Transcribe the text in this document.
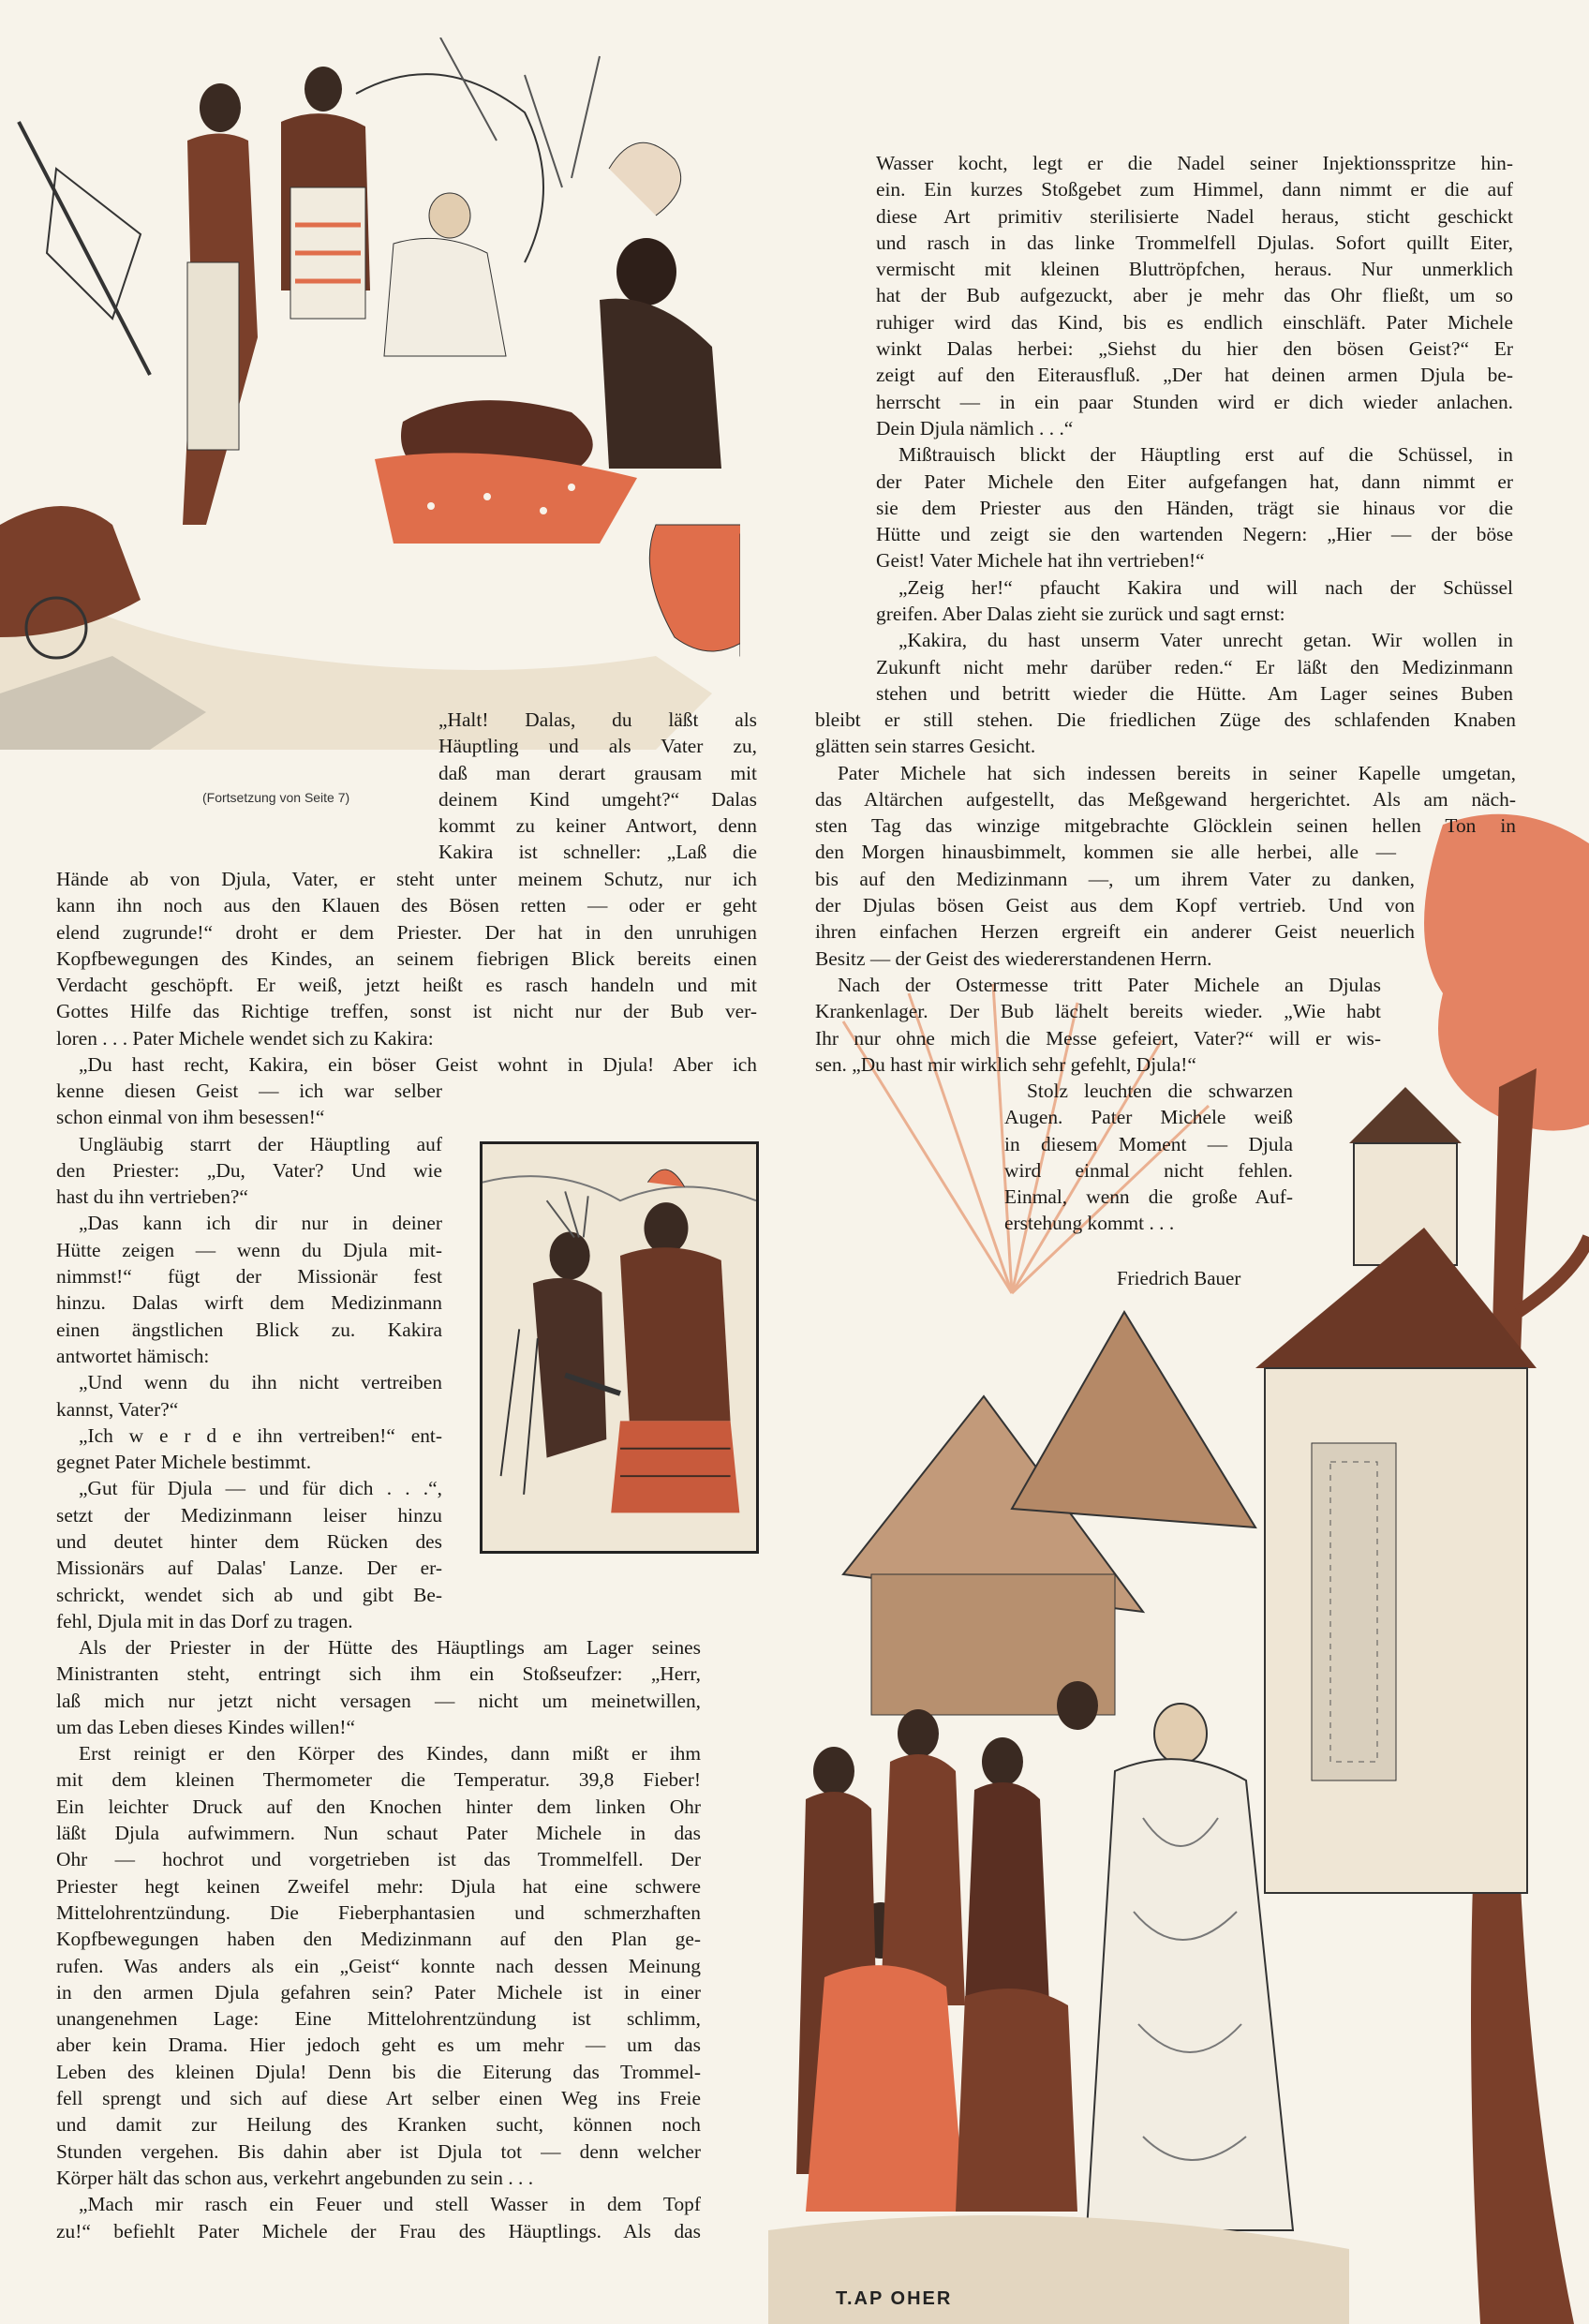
(Fortsetzung von Seite 7)

„Halt! Dalas, du läßt als

Häuptling und als Vater zu,

daß man derart grausam mit

deinem Kind umgeht?“ Dalas

kommt zu keiner Antwort, denn

Kakira ist schneller: „Laß die

Hände ab von Djula, Vater, er steht unter meinem Schutz, nur ich

kann ihn noch aus den Klauen des Bösen retten — oder er geht

elend zugrunde!“ droht er dem Priester. Der hat in den unruhigen

Kopfbewegungen des Kindes, an seinem fiebrigen Blick bereits einen

Verdacht geschöpft. Er weiß, jetzt heißt es rasch handeln und mit

Gottes Hilfe das Richtige treffen, sonst ist nicht nur der Bub ver-

loren . . . Pater Michele wendet sich zu Kakira:

„Du hast recht, Kakira, ein böser Geist wohnt in Djula! Aber ich

kenne diesen Geist — ich war selber

schon einmal von ihm besessen!“

Ungläubig starrt der Häuptling auf

den Priester: „Du, Vater? Und wie

hast du ihn vertrieben?“

„Das kann ich dir nur in deiner

Hütte zeigen — wenn du Djula mit-

nimmst!“ fügt der Missionär fest

hinzu. Dalas wirft dem Medizinmann

einen ängstlichen Blick zu. Kakira

antwortet hämisch:

„Und wenn du ihn nicht vertreiben

kannst, Vater?“

„Ich w e r d e ihn vertreiben!“ ent-

gegnet Pater Michele bestimmt.

„Gut für Djula — und für dich . . .“,

setzt der Medizinmann leiser hinzu

und deutet hinter dem Rücken des

Missionärs auf Dalas' Lanze. Der er-

schrickt, wendet sich ab und gibt Be-

fehl, Djula mit in das Dorf zu tragen.

Als der Priester in der Hütte des Häuptlings am Lager seines

Ministranten steht, entringt sich ihm ein Stoßseufzer: „Herr,

laß mich nur jetzt nicht versagen — nicht um meinetwillen,

um das Leben dieses Kindes willen!“

Erst reinigt er den Körper des Kindes, dann mißt er ihm

mit dem kleinen Thermometer die Temperatur. 39,8 Fieber!

Ein leichter Druck auf den Knochen hinter dem linken Ohr

läßt Djula aufwimmern. Nun schaut Pater Michele in das

Ohr — hochrot und vorgetrieben ist das Trommelfell. Der

Priester hegt keinen Zweifel mehr: Djula hat eine schwere

Mittelohrentzündung. Die Fieberphantasien und schmerzhaften

Kopfbewegungen haben den Medizinmann auf den Plan ge-

rufen. Was anders als ein „Geist“ konnte nach dessen Meinung

in den armen Djula gefahren sein? Pater Michele ist in einer

unangenehmen Lage: Eine Mittelohrentzündung ist schlimm,

aber kein Drama. Hier jedoch geht es um mehr — um das

Leben des kleinen Djula! Denn bis die Eiterung das Trommel-

fell sprengt und sich auf diese Art selber einen Weg ins Freie

und damit zur Heilung des Kranken sucht, können noch

Stunden vergehen. Bis dahin aber ist Djula tot — denn welcher

Körper hält das schon aus, verkehrt angebunden zu sein . . .

„Mach mir rasch ein Feuer und stell Wasser in dem Topf

zu!“ befiehlt Pater Michele der Frau des Häuptlings. Als das

Wasser kocht, legt er die Nadel seiner Injektionsspritze hin-

ein. Ein kurzes Stoßgebet zum Himmel, dann nimmt er die auf

diese Art primitiv sterilisierte Nadel heraus, sticht geschickt

und rasch in das linke Trommelfell Djulas. Sofort quillt Eiter,

vermischt mit kleinen Bluttröpfchen, heraus. Nur unmerklich

hat der Bub aufgezuckt, aber je mehr das Ohr fließt, um so

ruhiger wird das Kind, bis es endlich einschläft. Pater Michele

winkt Dalas herbei: „Siehst du hier den bösen Geist?“ Er

zeigt auf den Eiterausfluß. „Der hat deinen armen Djula be-

herrscht — in ein paar Stunden wird er dich wieder anlachen.

Dein Djula nämlich . . .“

Mißtrauisch blickt der Häuptling erst auf die Schüssel, in

der Pater Michele den Eiter aufgefangen hat, dann nimmt er

sie dem Priester aus den Händen, trägt sie hinaus vor die

Hütte und zeigt sie den wartenden Negern: „Hier — der böse

Geist! Vater Michele hat ihn vertrieben!“

„Zeig her!“ pfaucht Kakira und will nach der Schüssel

greifen. Aber Dalas zieht sie zurück und sagt ernst:

„Kakira, du hast unserm Vater unrecht getan. Wir wollen in

Zukunft nicht mehr darüber reden.“ Er läßt den Medizinmann

stehen und betritt wieder die Hütte. Am Lager seines Buben

bleibt er still stehen. Die friedlichen Züge des schlafenden Knaben

glätten sein starres Gesicht.

Pater Michele hat sich indessen bereits in seiner Kapelle umgetan,

das Altärchen aufgestellt, das Meßgewand hergerichtet. Als am näch-

sten Tag das winzige mitgebrachte Glöcklein seinen hellen Ton in

den Morgen hinausbimmelt, kommen sie alle herbei, alle —

bis auf den Medizinmann —, um ihrem Vater zu danken,

der Djulas bösen Geist aus dem Kopf vertrieb. Und von

ihren einfachen Herzen ergreift ein anderer Geist neuerlich

Besitz — der Geist des wiedererstandenen Herrn.

Nach der Ostermesse tritt Pater Michele an Djulas

Krankenlager. Der Bub lächelt bereits wieder. „Wie habt

Ihr nur ohne mich die Messe gefeiert, Vater?“ will er wis-

sen. „Du hast mir wirklich sehr gefehlt, Djula!“

Stolz leuchten die schwarzen

Augen. Pater Michele weiß

in diesem Moment — Djula

wird einmal nicht fehlen.

Einmal, wenn die große Auf-

erstehung kommt . . .

Friedrich Bauer
T.AP OHER
